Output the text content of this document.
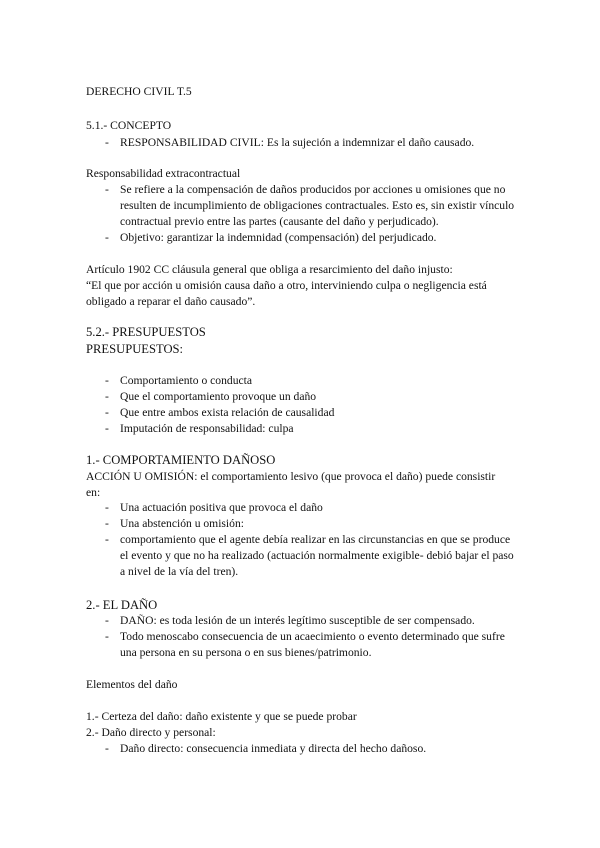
DERECHO CIVIL T.5
5.1.- CONCEPTO
- RESPONSABILIDAD CIVIL: Es la sujeción a indemnizar el daño causado.
Responsabilidad extracontractual
- Se refiere a la compensación de daños producidos por acciones u omisiones que no resulten de incumplimiento de obligaciones contractuales. Esto es, sin existir vínculo contractual previo entre las partes (causante del daño y perjudicado).
- Objetivo: garantizar la indemnidad (compensación) del perjudicado.
Artículo 1902 CC cláusula general que obliga a resarcimiento del daño injusto:
“El que por acción u omisión causa daño a otro, interviniendo culpa o negligencia está
obligado a reparar el daño causado”.
5.2.- PRESUPUESTOS
PRESUPUESTOS:
- Comportamiento o conducta
- Que el comportamiento provoque un daño
- Que entre ambos exista relación de causalidad
- Imputación de responsabilidad: culpa
1.- COMPORTAMIENTO DAÑOSO
ACCIÓN U OMISIÓN: el comportamiento lesivo (que provoca el daño) puede consistir
en:
- Una actuación positiva que provoca el daño
- Una abstención u omisión:
- comportamiento que el agente debía realizar en las circunstancias en que se produce el evento y que no ha realizado (actuación normalmente exigible- debió bajar el paso a nivel de la vía del tren).
2.- EL DAÑO
- DAÑO: es toda lesión de un interés legítimo susceptible de ser compensado.
- Todo menoscabo consecuencia de un acaecimiento o evento determinado que sufre una persona en su persona o en sus bienes/patrimonio.
Elementos del daño
1.- Certeza del daño: daño existente y que se puede probar
2.- Daño directo y personal:
- Daño directo: consecuencia inmediata y directa del hecho dañoso.
